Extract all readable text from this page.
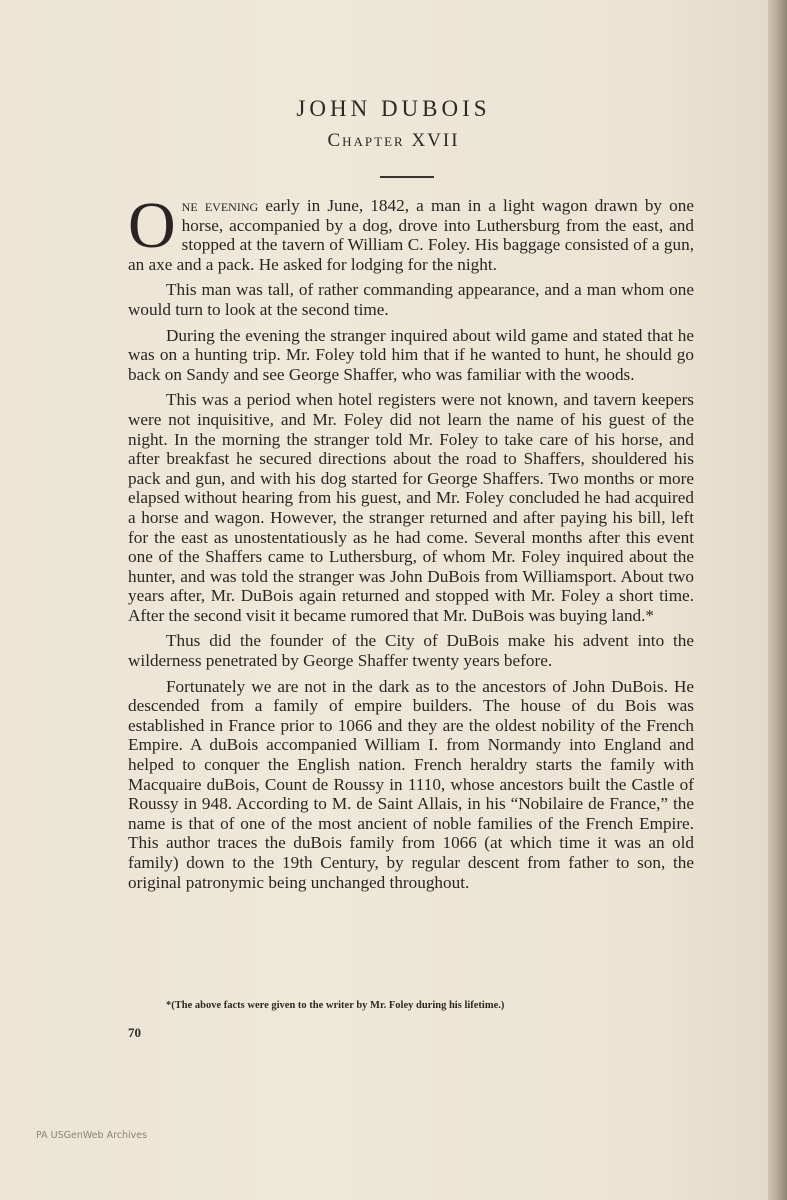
JOHN DUBOIS
Chapter XVII

One evening early in June, 1842, a man in a light wagon drawn by one horse, accompanied by a dog, drove into Luthersburg from the east, and stopped at the tavern of William C. Foley. His baggage consisted of a gun, an axe and a pack. He asked for lodging for the night.

This man was tall, of rather commanding appearance, and a man whom one would turn to look at the second time.

During the evening the stranger inquired about wild game and stated that he was on a hunting trip. Mr. Foley told him that if he wanted to hunt, he should go back on Sandy and see George Shaffer, who was familiar with the woods.

This was a period when hotel registers were not known, and tavern keepers were not inquisitive, and Mr. Foley did not learn the name of his guest of the night. In the morning the stranger told Mr. Foley to take care of his horse, and after breakfast he secured directions about the road to Shaffers, shouldered his pack and gun, and with his dog started for George Shaffers. Two months or more elapsed without hearing from his guest, and Mr. Foley concluded he had acquired a horse and wagon. However, the stranger returned and after paying his bill, left for the east as unostentatiously as he had come. Several months after this event one of the Shaffers came to Luthersburg, of whom Mr. Foley inquired about the hunter, and was told the stranger was John DuBois from Williamsport. About two years after, Mr. DuBois again returned and stopped with Mr. Foley a short time. After the second visit it became rumored that Mr. DuBois was buying land.*

Thus did the founder of the City of DuBois make his advent into the wilderness penetrated by George Shaffer twenty years before.

Fortunately we are not in the dark as to the ancestors of John DuBois. He descended from a family of empire builders. The house of du Bois was established in France prior to 1066 and they are the oldest nobility of the French Empire. A duBois accompanied William I. from Normandy into England and helped to conquer the English nation. French heraldry starts the family with Macquaire duBois, Count de Roussy in 1110, whose ancestors built the Castle of Roussy in 948. According to M. de Saint Allais, in his “Nobilaire de France,” the name is that of one of the most ancient of noble families of the French Empire. This author traces the duBois family from 1066 (at which time it was an old family) down to the 19th Century, by regular descent from father to son, the original patronymic being unchanged throughout.

*(The above facts were given to the writer by Mr. Foley during his lifetime.)
70
PA USGenWeb Archives
